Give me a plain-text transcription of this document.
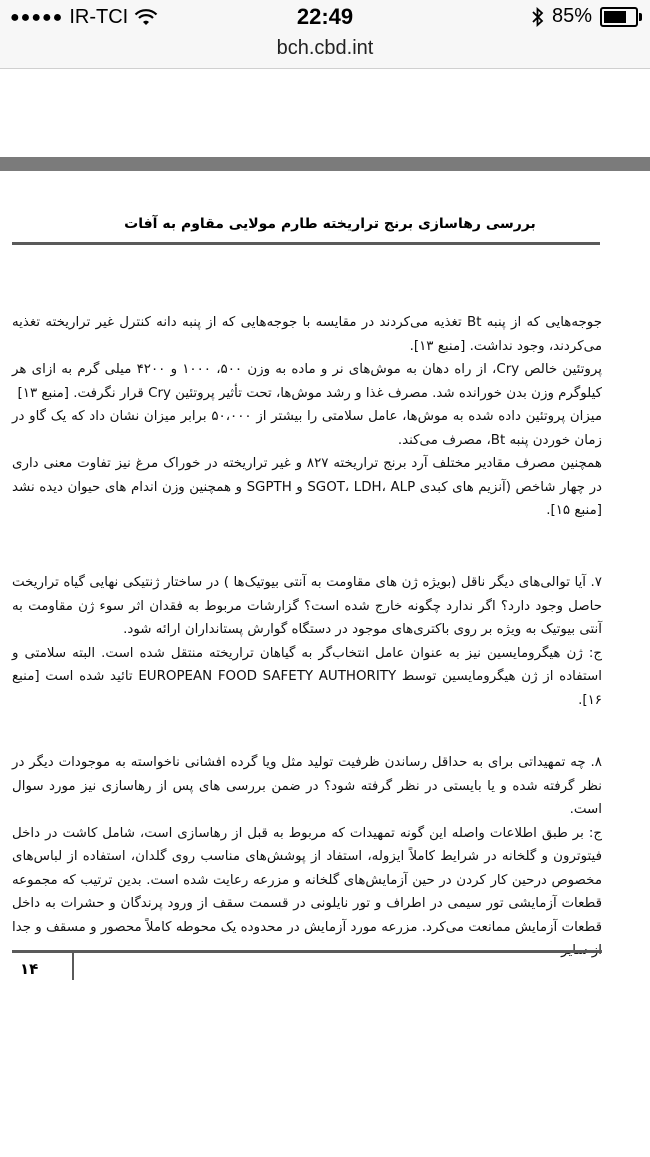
●●●●● IR-TCI	22:49	85%
bch.cbd.int
بررسی رهاسازی برنج تراریخته طارم مولایی مقاوم به آفات

جوجه‌هایی که از پنبه Bt تغذیه می‌کردند در مقایسه با جوجه‌هایی که از پنبه دانه کنترل غیر تراریخته تغذیه می‌کردند، وجود نداشت. [منبع ۱۳].

پروتئین خالص Cry، از راه دهان به موش‌های نر و ماده به وزن ۵۰۰، ۱۰۰۰ و ۴۲۰۰ میلی گرم به ازای هر کیلوگرم وزن بدن خورانده شد. مصرف غذا و رشد موش‌ها، تحت تأثیر پروتئین Cry قرار نگرفت. [منبع ۱۳]

میزان پروتئین داده شده به موش‌ها، عامل سلامتی را بیشتر از ۵۰،۰۰۰ برابر میزان نشان داد که یک گاو در زمان خوردن پنبه Bt، مصرف می‌کند.

همچنین مصرف مقادیر مختلف آرد برنج تراریخته ۸۲۷ و غیر تراریخته در خوراک مرغ نیز تفاوت معنی داری در چهار شاخص (آنزیم های کبدی SGOT، LDH، ALP و SGPTH و همچنین وزن اندام های حیوان دیده نشد [منبع ۱۵].

۷. آیا توالی‌های دیگر ناقل (بویژه ژن های مقاومت به آنتی بیوتیک‌ها ) در ساختار ژنتیکی نهایی گیاه تراریخت حاصل وجود دارد؟ اگر ندارد چگونه خارج شده است؟ گزارشات مربوط به فقدان اثر سوء ژن مقاومت به آنتی بیوتیک به ویژه بر روی باکتری‌های موجود در دستگاه گوارش پستانداران ارائه شود.

ج: ژن هیگرومایسین نیز به عنوان عامل انتخاب‌گر به گیاهان تراریخته منتقل شده است. البته سلامتی و استفاده از ژن هیگرومایسین توسط EUROPEAN FOOD SAFETY AUTHORITY تائید شده است [منبع ۱۶].

۸. چه تمهیداتی برای به حداقل رساندن ظرفیت تولید مثل ویا گرده افشانی ناخواسته به موجودات دیگر در نظر گرفته شده و یا بایستی در نظر گرفته شود؟ در ضمن بررسی های پس از رهاسازی نیز مورد سوال است.

ج: بر طبق اطلاعات واصله این گونه تمهیدات که مربوط به قبل از رهاسازی است، شامل کاشت در داخل فیتوترون و گلخانه در شرایط کاملاً ایزوله، استفاد از پوشش‌های مناسب روی گلدان، استفاده از لباس‌های مخصوص درحین کار کردن در حین آزمایش‌های گلخانه و مزرعه رعایت شده است. بدین ترتیب که مجموعه قطعات آزمایشی تور سیمی در اطراف و تور نایلونی در قسمت سقف از ورود پرندگان و حشرات به داخل قطعات آزمایش ممانعت می‌کرد. مزرعه مورد آزمایش در محدوده یک محوطه کاملاً محصور و مسقف و جدا

۱۴
